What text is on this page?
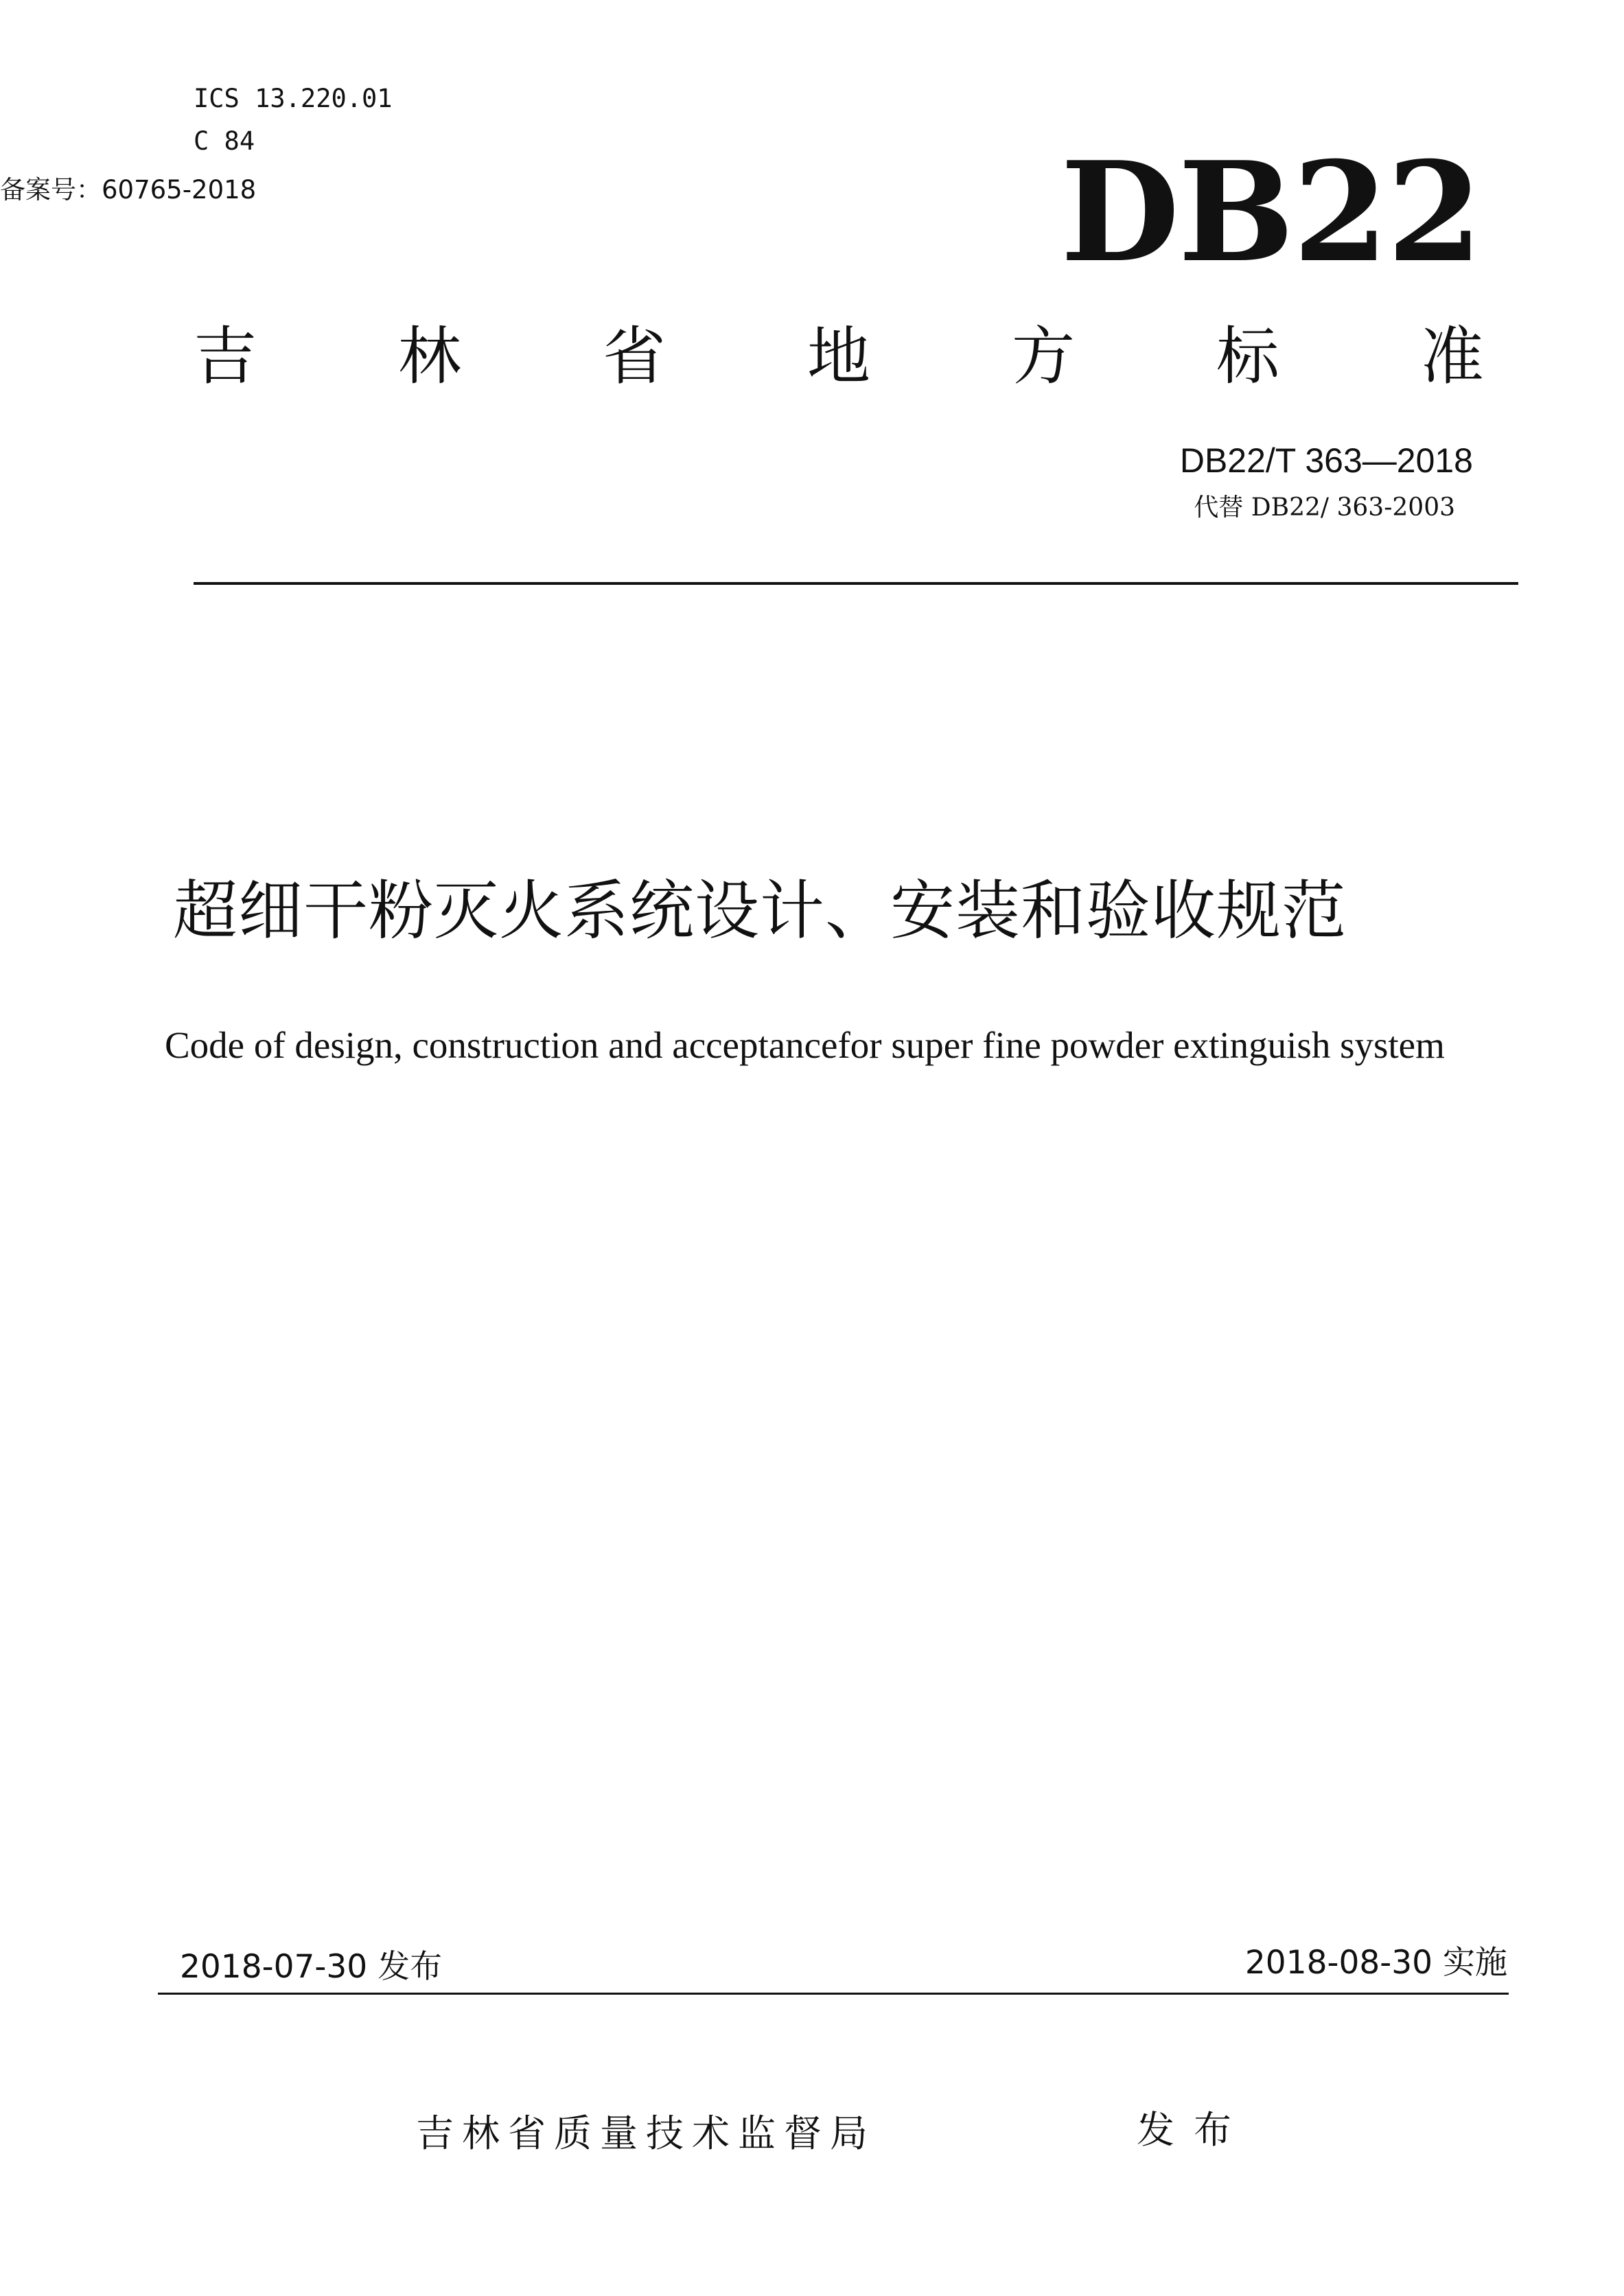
ICS 13.220.01
C 84
备案号：60765-2018	DB22
吉 林 省 地 方 标 准
DB22/T 363—2018
代替 DB22/ 363-2003
超细干粉灭火系统设计、安装和验收规范
Code of design, construction and acceptancefor super fine powder extinguish system
2018-07-30 发布	2018-08-30 实施
吉林省质量技术监督局	发布
